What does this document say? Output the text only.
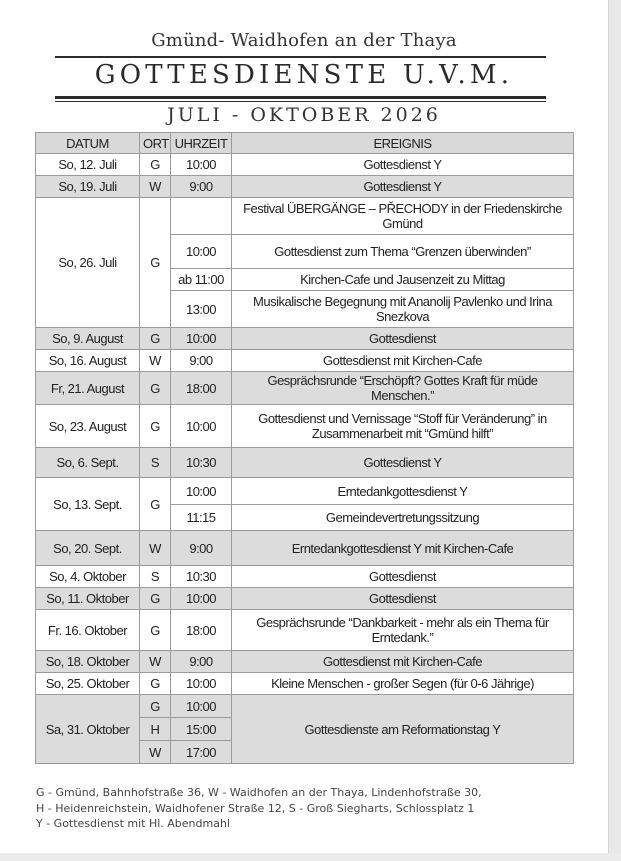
Gmünd- Waidhofen an der Thaya
GOTTESDIENSTE U.V.M.
JULI - OKTOBER 2026
DATUM	ORT	UHRZEIT	EREIGNIS
So, 12. Juli	G	10:00	Gottesdienst Y
So, 19. Juli	W	9:00	Gottesdienst Y
So, 26. Juli	G		Festival ÜBERGÄNGE – PŘECHODY in der Friedenskirche Gmünd
		10:00	Gottesdienst zum Thema “Grenzen überwinden”
		ab 11:00	Kirchen-Cafe und Jausenzeit zu Mittag
		13:00	Musikalische Begegnung mit Ananolij Pavlenko und Irina Snezkova
So, 9. August	G	10:00	Gottesdienst
So, 16. August	W	9:00	Gottesdienst mit Kirchen-Cafe
Fr, 21. August	G	18:00	Gesprächsrunde “Erschöpft? Gottes Kraft für müde Menschen.”
So, 23. August	G	10:00	Gottesdienst und Vernissage “Stoff für Veränderung” in Zusammenarbeit mit “Gmünd hilft”
So, 6. Sept.	S	10:30	Gottesdienst Y
So, 13. Sept.	G	10:00	Erntedankgottesdienst Y
		11:15	Gemeindevertretungssitzung
So, 20. Sept.	W	9:00	Erntedankgottesdienst Y mit Kirchen-Cafe
So, 4. Oktober	S	10:30	Gottesdienst
So, 11. Oktober	G	10:00	Gottesdienst
Fr. 16. Oktober	G	18:00	Gesprächsrunde “Dankbarkeit - mehr als ein Thema für Erntedank.”
So, 18. Oktober	W	9:00	Gottesdienst mit Kirchen-Cafe
So, 25. Oktober	G	10:00	Kleine Menschen - großer Segen (für 0-6 Jährige)
Sa, 31. Oktober	G	10:00	Gottesdienste am Reformationstag Y
	H	15:00	
	W	17:00	
G - Gmünd, Bahnhofstraße 36, W - Waidhofen an der Thaya, Lindenhofstraße 30,
H - Heidenreichstein, Waidhofener Straße 12, S - Groß Siegharts, Schlossplatz 1
Y - Gottesdienst mit Hl. Abendmahl
